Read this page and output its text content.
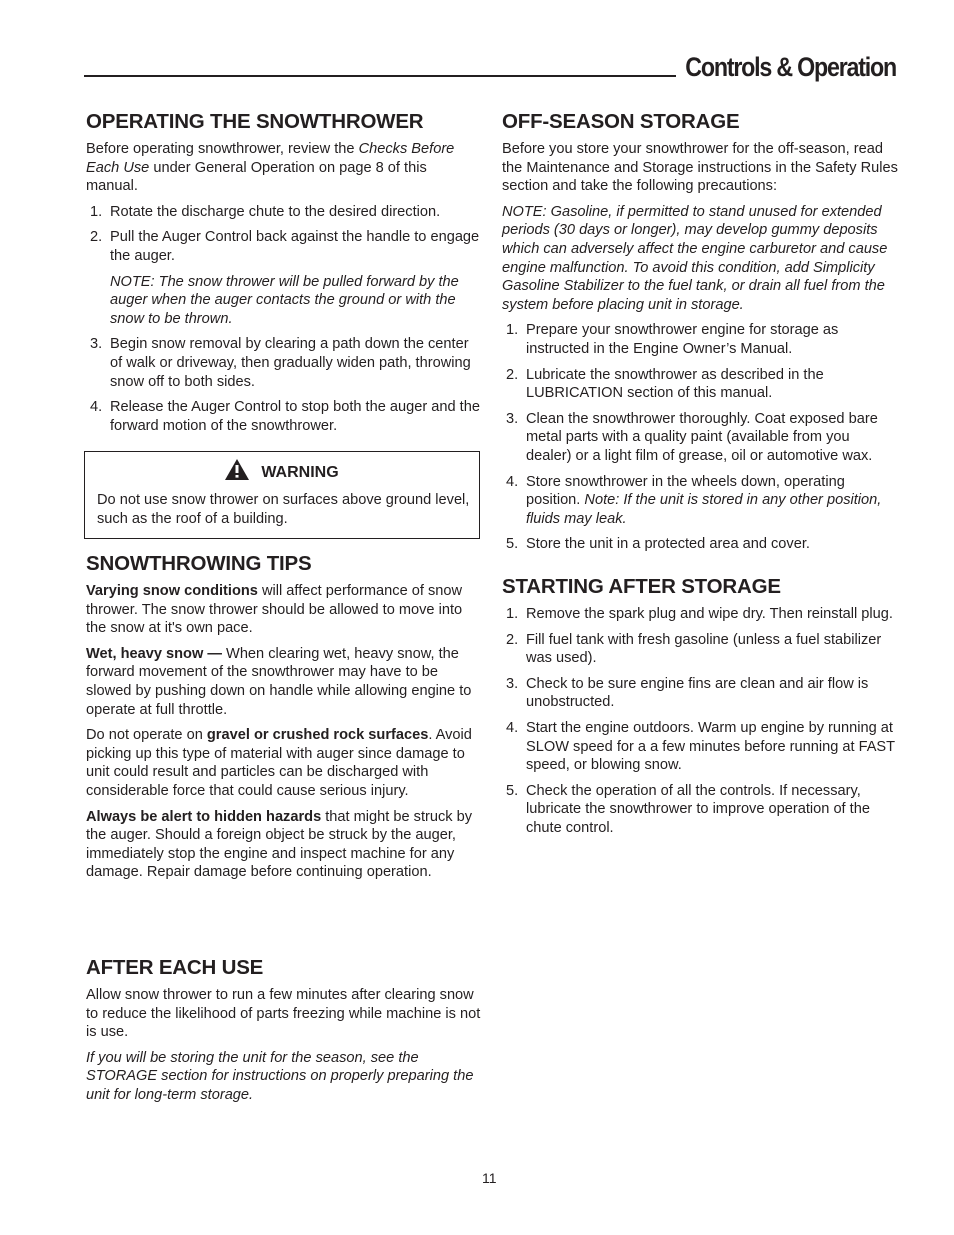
Controls & Operation
OPERATING THE SNOWTHROWER
Before operating snowthrower, review the Checks Before Each Use under General Operation on page 8 of this manual.
1. Rotate the discharge chute to the desired direction.
2. Pull the Auger Control back against the handle to engage the auger.
NOTE: The snow thrower will be pulled forward by the auger when the auger contacts the ground or with the snow to be thrown.
3. Begin snow removal by clearing a path down the center of walk or driveway, then gradually widen path, throwing snow off to both sides.
4. Release the Auger Control to stop both the auger and the forward motion of the snowthrower.
SNOWTHROWING TIPS
Varying snow conditions will affect performance of snow thrower. The snow thrower should be allowed to move into the snow at it's own pace.
Wet, heavy snow — When clearing wet, heavy snow, the forward movement of the snowthrower may have to be slowed by pushing down on handle while allowing engine to operate at full throttle.
Do not operate on gravel or crushed rock surfaces. Avoid picking up this type of material with auger since damage to unit could result and particles can be discharged with considerable force that could cause serious injury.
Always be alert to hidden hazards that might be struck by the auger. Should a foreign object be struck by the auger, immediately stop the engine and inspect machine for any damage. Repair damage before continuing operation.
AFTER EACH USE
Allow snow thrower to run a few minutes after clearing snow to reduce the likelihood of parts freezing while machine is not is use.
If you will be storing the unit for the season, see the STORAGE section for instructions on properly preparing the unit for long-term storage.
OFF-SEASON STORAGE
Before you store your snowthrower for the off-season, read the Maintenance and Storage instructions in the Safety Rules section and take the following precautions:
NOTE: Gasoline, if permitted to stand unused for extended periods (30 days or longer), may develop gummy deposits which can adversely affect the engine carburetor and cause engine malfunction. To avoid this condition, add Simplicity Gasoline Stabilizer to the fuel tank, or drain all fuel from the system before placing unit in storage.
1. Prepare your snowthrower engine for storage as instructed in the Engine Owner’s Manual.
2. Lubricate the snowthrower as described in the LUBRICATION section of this manual.
3. Clean the snowthrower thoroughly. Coat exposed bare metal parts with a quality paint (available from you dealer) or a light film of grease, oil or automotive wax.
4. Store snowthrower in the wheels down, operating position. Note: If the unit is stored in any other position, fluids may leak.
5. Store the unit in a protected area and cover.
STARTING AFTER STORAGE
1. Remove the spark plug and wipe dry. Then reinstall plug.
2. Fill fuel tank with fresh gasoline (unless a fuel stabilizer was used).
3. Check to be sure engine fins are clean and air flow is unobstructed.
4. Start the engine outdoors. Warm up engine by running at SLOW speed for a a few minutes before running at FAST speed, or blowing snow.
5. Check the operation of all the controls. If necessary, lubricate the snowthrower to improve operation of the chute control.
WARNING
Do not use snow thrower on surfaces above ground level, such as the roof of a building.
11
